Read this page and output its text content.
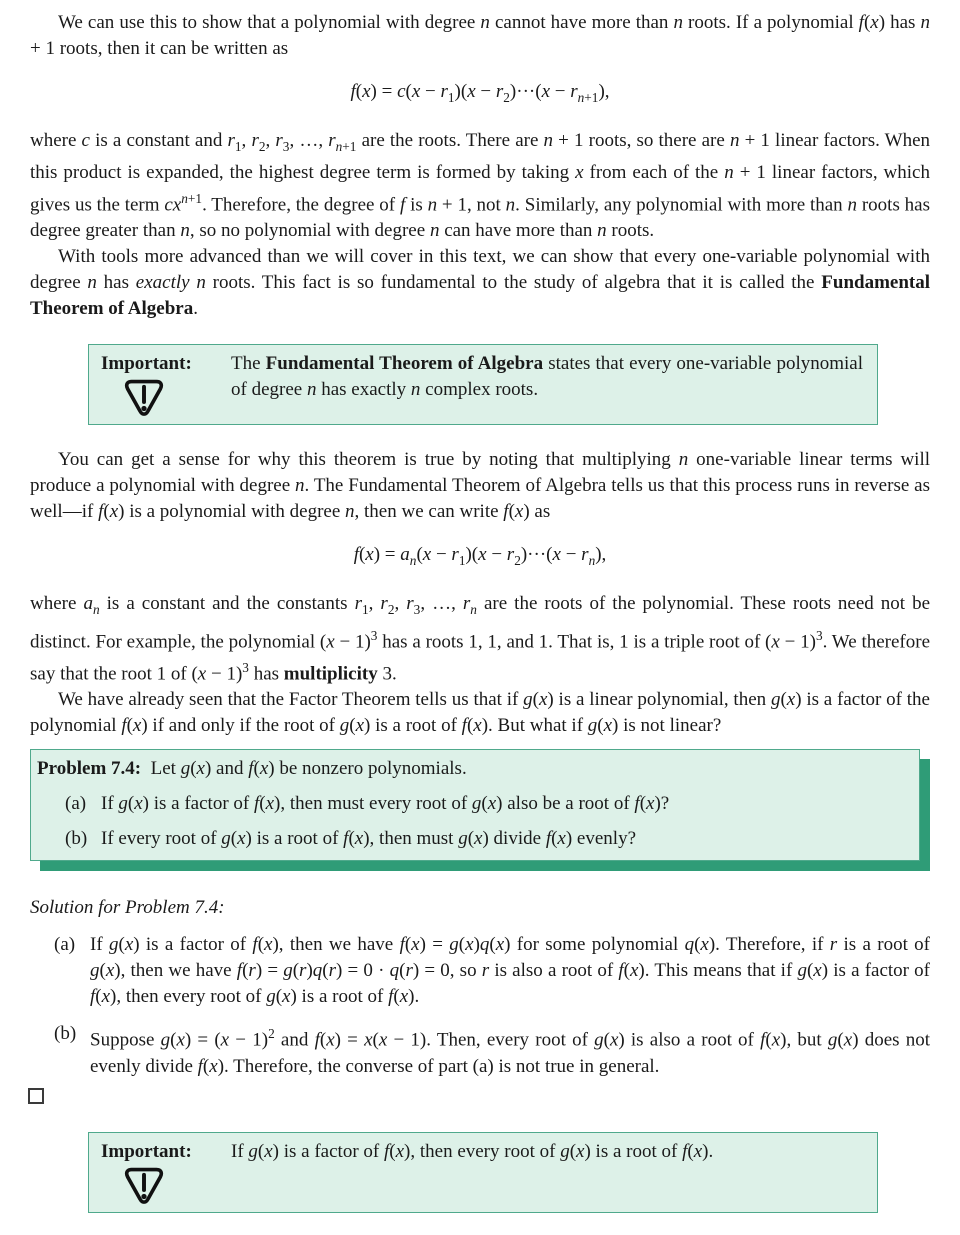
We can use this to show that a polynomial with degree n cannot have more than n roots. If a polynomial f(x) has n + 1 roots, then it can be written as

$f(x) = c(x - r_1)(x - r_2)\cdot\cdot\cdot(x - r_{n+1})$,

where c is a constant and $r_1$, $r_2$, $r_3$, …, $r_{n+1}$ are the roots. There are n + 1 roots, so there are n + 1 linear factors. When this product is expanded, the highest degree term is formed by taking x from each of the n + 1 linear factors, which gives us the term $cx^{n+1}$. Therefore, the degree of f is n + 1, not n. Similarly, any polynomial with more than n roots has degree greater than n, so no polynomial with degree n can have more than n roots.

With tools more advanced than we will cover in this text, we can show that every one-variable polynomial with degree n has exactly n roots. This fact is so fundamental to the study of algebra that it is called the Fundamental Theorem of Algebra.

Important: The Fundamental Theorem of Algebra states that every one-variable polynomial of degree n has exactly n complex roots.

You can get a sense for why this theorem is true by noting that multiplying n one-variable linear terms will produce a polynomial with degree n. The Fundamental Theorem of Algebra tells us that this process runs in reverse as well—if f(x) is a polynomial with degree n, then we can write f(x) as

$f(x) = a_n(x - r_1)(x - r_2)\cdot\cdot\cdot(x - r_n)$,

where $a_n$ is a constant and the constants $r_1$, $r_2$, $r_3$, …, $r_n$ are the roots of the polynomial. These roots need not be distinct. For example, the polynomial $(x - 1)^3$ has a roots 1, 1, and 1. That is, 1 is a triple root of $(x - 1)^3$. We therefore say that the root 1 of $(x - 1)^3$ has multiplicity 3.

We have already seen that the Factor Theorem tells us that if g(x) is a linear polynomial, then g(x) is a factor of the polynomial f(x) if and only if the root of g(x) is a root of f(x). But what if g(x) is not linear?

Problem 7.4:  Let g(x) and f(x) be nonzero polynomials.
(a) If g(x) is a factor of f(x), then must every root of g(x) also be a root of f(x)?
(b) If every root of g(x) is a root of f(x), then must g(x) divide f(x) evenly?
Solution for Problem 7.4:
(a) If g(x) is a factor of f(x), then we have f(x) = g(x)q(x) for some polynomial q(x). Therefore, if r is a root of g(x), then we have f(r) = g(r)q(r) = 0 · q(r) = 0, so r is also a root of f(x). This means that if g(x) is a factor of f(x), then every root of g(x) is a root of f(x).
(b) Suppose $g(x) = (x - 1)^2$ and f(x) = x(x − 1). Then, every root of g(x) is also a root of f(x), but g(x) does not evenly divide f(x). Therefore, the converse of part (a) is not true in general.
Important: If g(x) is a factor of f(x), then every root of g(x) is a root of f(x).
